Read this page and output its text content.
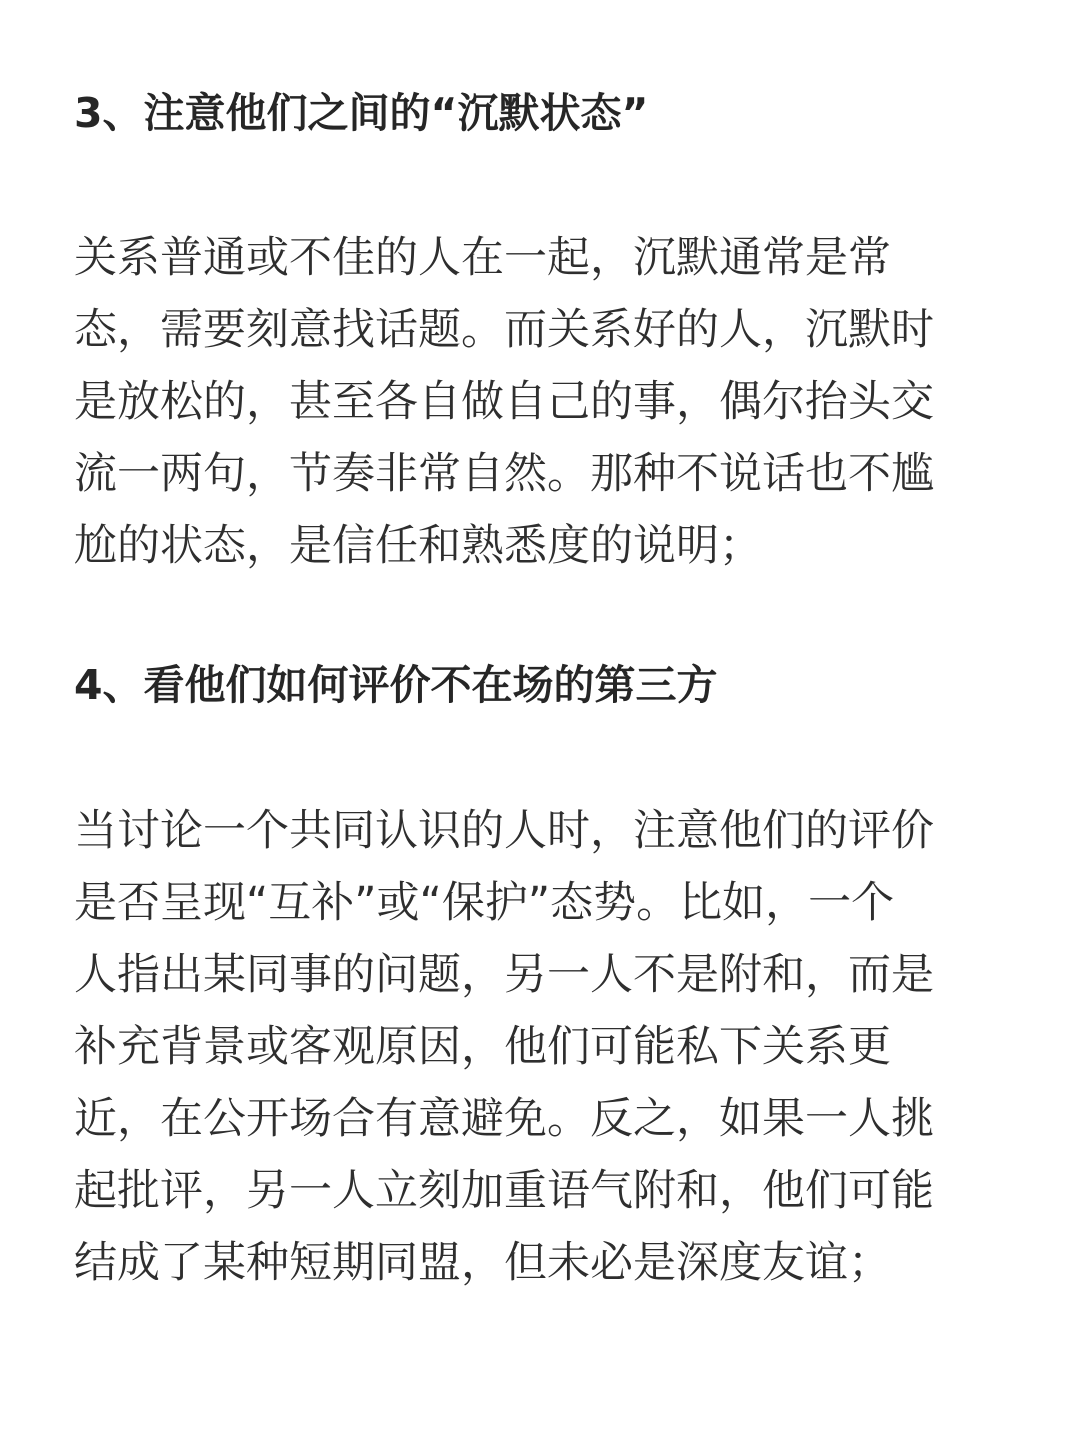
3、注意他们之间的“沉默状态”
关系普通或不佳的人在一起，沉默通常是常
态，需要刻意找话题。而关系好的人，沉默时
是放松的，甚至各自做自己的事，偶尔抬头交
流一两句，节奏非常自然。那种不说话也不尴
尬的状态，是信任和熟悉度的说明；
4、看他们如何评价不在场的第三方
当讨论一个共同认识的人时，注意他们的评价
是否呈现“互补”或“保护”态势。比如，一个
人指出某同事的问题，另一人不是附和，而是
补充背景或客观原因，他们可能私下关系更
近，在公开场合有意避免。反之，如果一人挑
起批评，另一人立刻加重语气附和，他们可能
结成了某种短期同盟，但未必是深度友谊；
